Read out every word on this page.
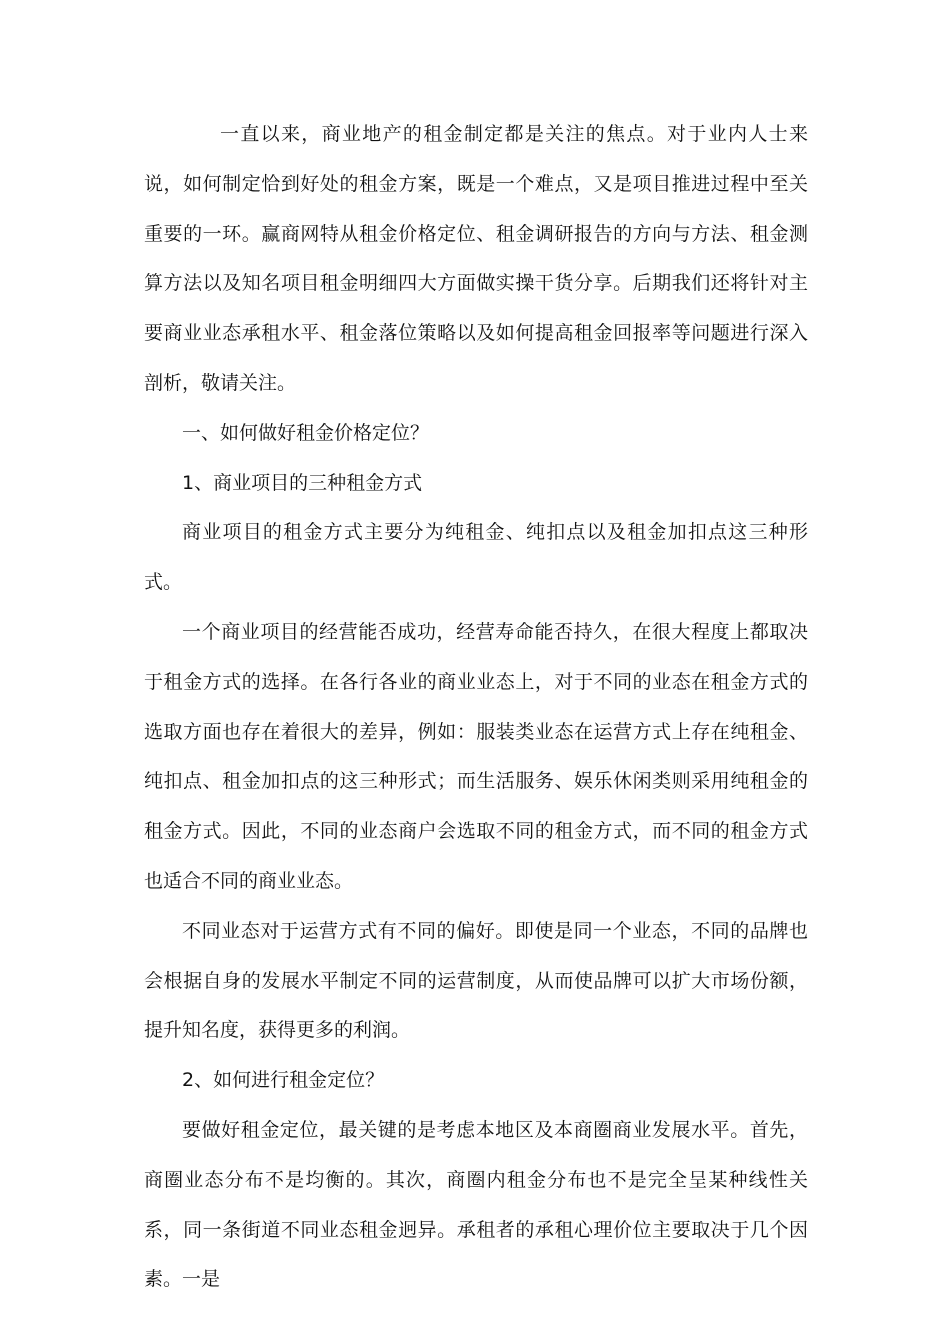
一直以来，商业地产的租金制定都是关注的焦点。对于业内人士来说，如何制定恰到好处的租金方案，既是一个难点，又是项目推进过程中至关重要的一环。赢商网特从租金价格定位、租金调研报告的方向与方法、租金测算方法以及知名项目租金明细四大方面做实操干货分享。后期我们还将针对主要商业业态承租水平、租金落位策略以及如何提高租金回报率等问题进行深入剖析，敬请关注。

一、如何做好租金价格定位？

1、商业项目的三种租金方式

商业项目的租金方式主要分为纯租金、纯扣点以及租金加扣点这三种形式。

一个商业项目的经营能否成功，经营寿命能否持久，在很大程度上都取决于租金方式的选择。在各行各业的商业业态上，对于不同的业态在租金方式的选取方面也存在着很大的差异，例如：服装类业态在运营方式上存在纯租金、纯扣点、租金加扣点的这三种形式；而生活服务、娱乐休闲类则采用纯租金的租金方式。因此，不同的业态商户会选取不同的租金方式，而不同的租金方式也适合不同的商业业态。

不同业态对于运营方式有不同的偏好。即使是同一个业态，不同的品牌也会根据自身的发展水平制定不同的运营制度，从而使品牌可以扩大市场份额，提升知名度，获得更多的利润。

2、如何进行租金定位？

要做好租金定位，最关键的是考虑本地区及本商圈商业发展水平。首先，商圈业态分布不是均衡的。其次，商圈内租金分布也不是完全呈某种线性关系，同一条街道不同业态租金迥异。承租者的承租心理价位主要取决于几个因素。一是
